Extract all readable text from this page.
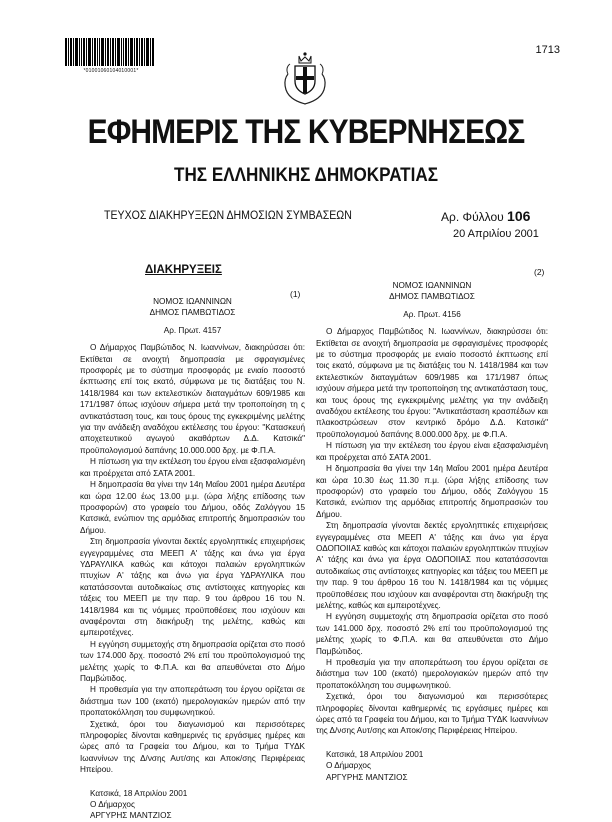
*01001060104010001*
1713
ΕΦΗΜΕΡΙΣ ΤΗΣ ΚΥΒΕΡΝΗΣΕΩΣ
ΤΗΣ ΕΛΛΗΝΙΚΗΣ ΔΗΜΟΚΡΑΤΙΑΣ
ΤΕΥΧΟΣ ΔΙΑΚΗΡΥΞΕΩΝ ΔΗΜΟΣΙΩΝ ΣΥΜΒΑΣΕΩΝ	Αρ. Φύλλου 106
20 Απριλίου 2001
ΔΙΑΚΗΡΥΞΕΙΣ
(1)

ΝΟΜΟΣ ΙΩΑΝΝΙΝΩΝ

ΔΗΜΟΣ ΠΑΜΒΩΤΙΔΟΣ

Αρ. Πρωτ. 4157

Ο Δήμαρχος Παμβώτιδος Ν. Ιωαννίνων, διακηρύσσει ότι: Εκτίθεται σε ανοιχτή δημοπρασία με σφραγισμένες προσφορές με το σύστημα προσφοράς με ενιαίο ποσοστό έκπτωσης επί τοις εκατό, σύμφωνα με τις διατάξεις του Ν. 1418/1984 και των εκτελεστικών διαταγμάτων 609/1985 και 171/1987 όπως ισχύουν σήμερα μετά την τροποποίηση τη ς αντικατάσταση τους, και τους όρους της εγκεκριμένης μελέτης για την ανάδειξη αναδόχου εκτέλεσης του έργου: "Κατασκευή αποχετευτικού αγωγού ακαθάρτων Δ.Δ. Κατσικά" προϋπολογισμού δαπάνης 10.000.000 δρχ. με Φ.Π.Α.

Η πίστωση για την εκτέλεση του έργου είναι εξασφαλισμένη και προέρχεται από ΣΑΤΑ 2001.

Η δημοπρασία θα γίνει την 14η Μαΐου 2001 ημέρα Δευτέρα και ώρα 12.00 έως 13.00 μ.μ. (ώρα λήξης επίδοσης των προσφορών) στο γραφείο του Δήμου, οδός Ζαλόγγου 15 Κατσικά, ενώπιον της αρμόδιας επιτροπής δημοπρασιών του Δήμου.

Στη δημοπρασία γίνονται δεκτές εργοληπτικές επιχειρήσεις εγγεγραμμένες στα ΜΕΕΠ Α' τάξης και άνω για έργα ΥΔΡΑΥΛΙΚΑ καθώς και κάτοχοι παλαιών εργοληπτικών πτυχίων Α' τάξης και άνω για έργα ΥΔΡΑΥΛΙΚΑ που κατατάσσονται αυτοδικαίως στις αντίστοιχες κατηγορίες και τάξεις του ΜΕΕΠ με την παρ. 9 του άρθρου 16 του Ν. 1418/1984 και τις νόμιμες προϋποθέσεις που ισχύουν και αναφέρονται στη διακήρυξη της μελέτης, καθώς και εμπειροτέχνες.

Η εγγύηση συμμετοχής στη δημοπρασία ορίζεται στο ποσό των 174.000 δρχ. ποσοστό 2% επί του προϋπολογισμού της μελέτης χωρίς το Φ.Π.Α. και θα απευθύνεται στο Δήμο Παμβώτιδος.

Η προθεσμία για την αποπεράτωση του έργου ορίζεται σε διάστημα των 100 (εκατό) ημερολογιακών ημερών από την προπατοκόλληση του συμφωνητικού.

Σχετικά, όροι του διαγωνισμού και περισσότερες πληροφορίες δίνονται καθημερινές τις εργάσιμες ημέρες και ώρες από τα Γραφεία του Δήμου, και το Τμήμα ΤΥΔΚ Ιωαννίνων της Δ/νσης Αυτ/σης και Αποκ/σης Περιφέρειας Ηπείρου.

Κατσικά, 18 Απριλίου 2001

Ο Δήμαρχος

ΑΡΓΥΡΗΣ ΜΑΝΤΖΙΟΣ

(2)

ΝΟΜΟΣ ΙΩΑΝΝΙΝΩΝ

ΔΗΜΟΣ ΠΑΜΒΩΤΙΔΟΣ

Αρ. Πρωτ. 4156

Ο Δήμαρχος Παμβώτιδος Ν. Ιωαννίνων, διακηρύσσει ότι: Εκτίθεται σε ανοιχτή δημοπρασία με σφραγισμένες προσφορές με το σύστημα προσφοράς με ενιαίο ποσοστό έκπτωσης επί τοις εκατό, σύμφωνα με τις διατάξεις του Ν. 1418/1984 και των εκτελεστικών διαταγμάτων 609/1985 και 171/1987 όπως ισχύουν σήμερα μετά την τροποποίηση της αντικατάσταση τους, και τους όρους της εγκεκριμένης μελέτης για την ανάδειξη αναδόχου εκτέλεσης του έργου: "Αντικατάσταση κρασπέδων και πλακοστρώσεων στον κεντρικό δρόμο Δ.Δ. Κατσικά" προϋπολογισμού δαπάνης 8.000.000 δρχ. με Φ.Π.Α.

Η πίστωση για την εκτέλεση του έργου είναι εξασφαλισμένη και προέρχεται από ΣΑΤΑ 2001.

Η δημοπρασία θα γίνει την 14η Μαΐου 2001 ημέρα Δευτέρα και ώρα 10.30 έως 11.30 π.μ. (ώρα λήξης επίδοσης των προσφορών) στο γραφείο του Δήμου, οδός Ζαλόγγου 15 Κατσικά, ενώπιον της αρμόδιας επιτροπής δημοπρασιών του Δήμου.

Στη δημοπρασία γίνονται δεκτές εργοληπτικές επιχειρήσεις εγγεγραμμένες στα ΜΕΕΠ Α' τάξης και άνω για έργα ΟΔΟΠΟΙΙΑΣ καθώς και κάτοχοι παλαιών εργοληπτικών πτυχίων Α' τάξης και άνω για έργα ΟΔΟΠΟΙΙΑΣ που κατατάσσονται αυτοδικαίως στις αντίστοιχες κατηγορίες και τάξεις του ΜΕΕΠ με την παρ. 9 του άρθρου 16 του Ν. 1418/1984 και τις νόμιμες προϋποθέσεις που ισχύουν και αναφέρονται στη διακήρυξη της μελέτης, καθώς και εμπειροτέχνες.

Η εγγύηση συμμετοχής στη δημοπρασία ορίζεται στο ποσό των 141.000 δρχ. ποσοστό 2% επί του προϋπολογισμού της μελέτης χωρίς το Φ.Π.Α. και θα απευθύνεται στο Δήμο Παμβώτιδος.

Η προθεσμία για την αποπεράτωση του έργου ορίζεται σε διάστημα των 100 (εκατό) ημερολογιακών ημερών από την προπατοκόλληση του συμφωνητικού.

Σχετικά, όροι του διαγωνισμού και περισσότερες πληροφορίες δίνονται καθημερινές τις εργάσιμες ημέρες και ώρες από τα Γραφεία του Δήμου, και το Τμήμα ΤΥΔΚ Ιωαννίνων της Δ/νσης Αυτ/σης και Αποκ/σης Περιφέρειας Ηπείρου.

Κατσικά, 18 Απριλίου 2001

Ο Δήμαρχος

ΑΡΓΥΡΗΣ ΜΑΝΤΖΙΟΣ
